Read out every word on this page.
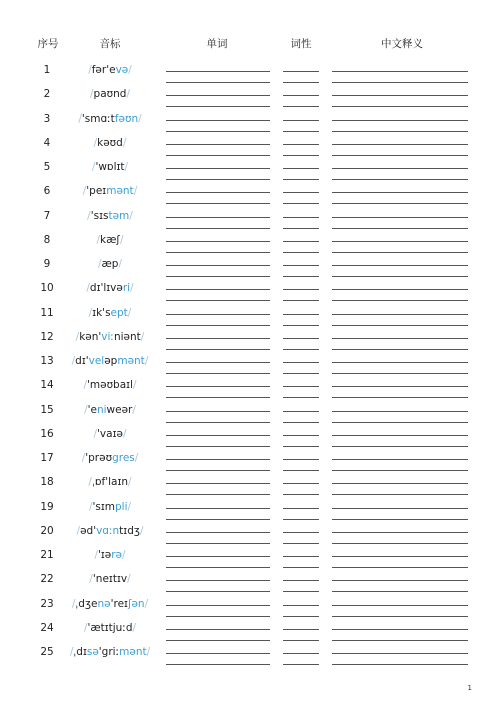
序号	音标	单词	词性	中文释义
1	/fər'evə/
2	/paʊnd/
3	/'smɑːtfəʊn/
4	/kəʊd/
5	/'wɒlɪt/
6	/'peɪmənt/
7	/'sɪstəm/
8	/kæʃ/
9	/æp/
10	/dɪ'lɪvəri/
11	/ɪk'sept/
12	/kən'viːniənt/
13	/dɪ'veləpmənt/
14	/'məʊbaɪl/
15	/'eniweər/
16	/'vaɪə/
17	/'prəʊgres/
18	/ˌɒf'laɪn/
19	/'sɪmpli/
20	/əd'vɑːntɪdʒ/
21	/'ɪərə/
22	/'neɪtɪv/
23	/ˌdʒenə'reɪʃən/
24	/'ætɪtjuːd/
25	/ˌdɪsə'griːmənt/
1
